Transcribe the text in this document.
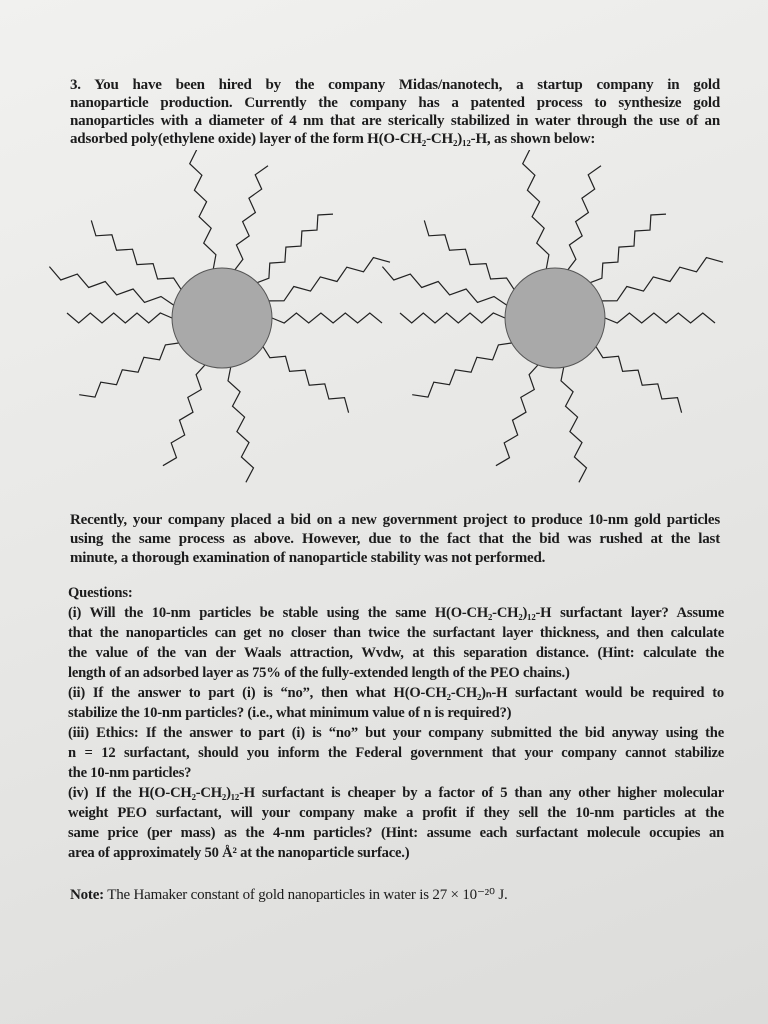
3. You have been hired by the company Midas/nanotech, a startup company in gold
nanoparticle production. Currently the company has a patented process to synthesize gold
nanoparticles with a diameter of 4 nm that are sterically stabilized in water through the use of an
adsorbed poly(ethylene oxide) layer of the form H(O-CH₂-CH₂)₁₂-H, as shown below:
Recently, your company placed a bid on a new government project to produce 10-nm gold particles
using the same process as above. However, due to the fact that the bid was rushed at the last
minute, a thorough examination of nanoparticle stability was not performed.
Questions:
(i) Will the 10-nm particles be stable using the same H(O-CH₂-CH₂)₁₂-H surfactant layer? Assume
that the nanoparticles can get no closer than twice the surfactant layer thickness, and then calculate
the value of the van der Waals attraction, Wvdw, at this separation distance. (Hint: calculate the
length of an adsorbed layer as 75% of the fully-extended length of the PEO chains.)
(ii) If the answer to part (i) is “no”, then what H(O-CH₂-CH₂)ₙ-H surfactant would be required to
stabilize the 10-nm particles? (i.e., what minimum value of n is required?)
(iii) Ethics: If the answer to part (i) is “no” but your company submitted the bid anyway using the
n = 12 surfactant, should you inform the Federal government that your company cannot stabilize
the 10-nm particles?
(iv) If the H(O-CH₂-CH₂)₁₂-H surfactant is cheaper by a factor of 5 than any other higher molecular
weight PEO surfactant, will your company make a profit if they sell the 10-nm particles at the
same price (per mass) as the 4-nm particles? (Hint: assume each surfactant molecule occupies an
area of approximately 50 Å² at the nanoparticle surface.)
Note: The Hamaker constant of gold nanoparticles in water is 27 × 10⁻²⁰ J.
